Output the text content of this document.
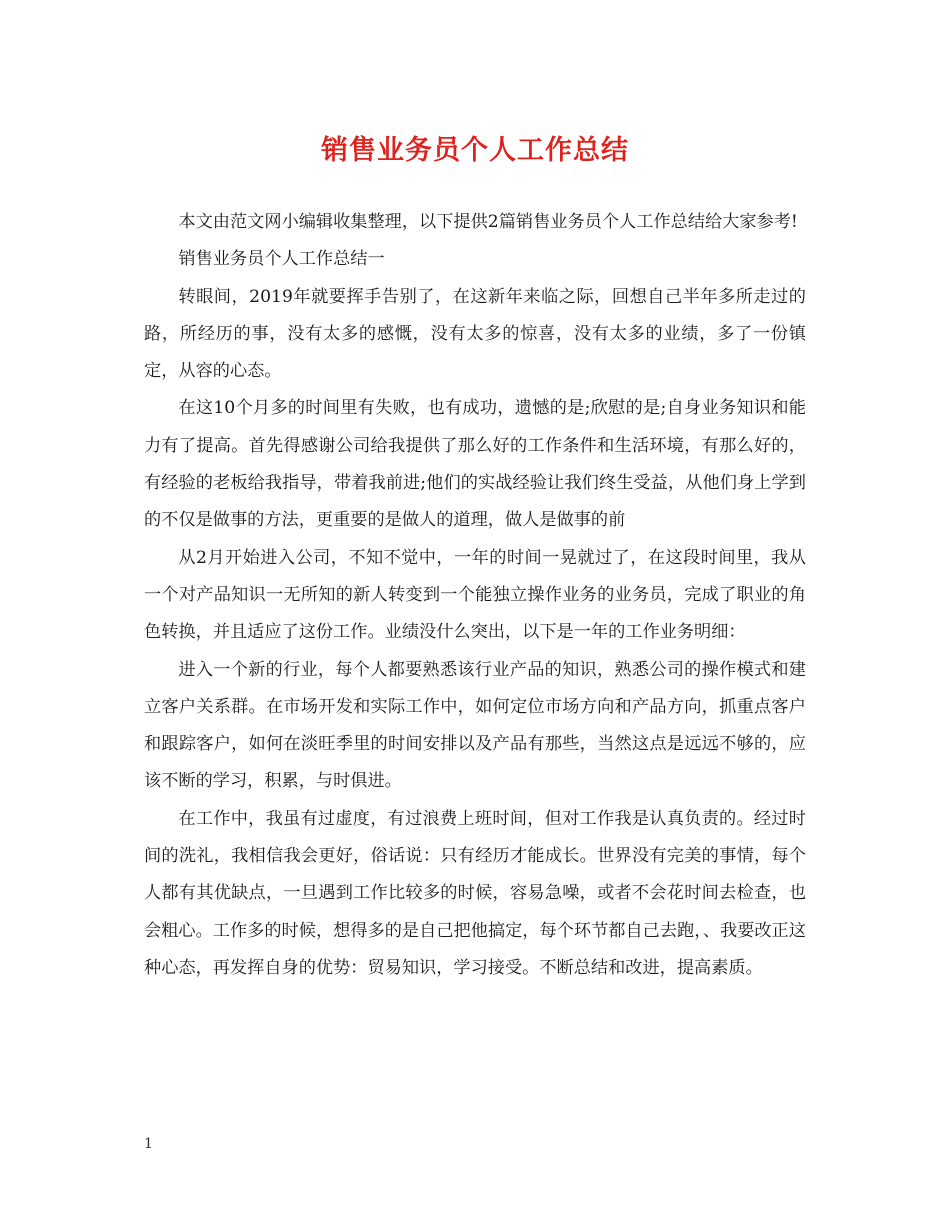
销售业务员个人工作总结

本文由范文网小编辑收集整理，以下提供2篇销售业务员个人工作总结给大家参考!

销售业务员个人工作总结一

转眼间，2019年就要挥手告别了，在这新年来临之际，回想自己半年多所走过的路，所经历的事，没有太多的感慨，没有太多的惊喜，没有太多的业绩，多了一份镇定，从容的心态。

在这10个月多的时间里有失败，也有成功，遗憾的是;欣慰的是;自身业务知识和能力有了提高。首先得感谢公司给我提供了那么好的工作条件和生活环境，有那么好的，有经验的老板给我指导，带着我前进;他们的实战经验让我们终生受益，从他们身上学到的不仅是做事的方法，更重要的是做人的道理，做人是做事的前

从2月开始进入公司，不知不觉中，一年的时间一晃就过了，在这段时间里，我从一个对产品知识一无所知的新人转变到一个能独立操作业务的业务员，完成了职业的角色转换，并且适应了这份工作。业绩没什么突出，以下是一年的工作业务明细：

进入一个新的行业，每个人都要熟悉该行业产品的知识，熟悉公司的操作模式和建立客户关系群。在市场开发和实际工作中，如何定位市场方向和产品方向，抓重点客户和跟踪客户，如何在淡旺季里的时间安排以及产品有那些，当然这点是远远不够的，应该不断的学习，积累，与时俱进。

在工作中，我虽有过虚度，有过浪费上班时间，但对工作我是认真负责的。经过时间的洗礼，我相信我会更好，俗话说：只有经历才能成长。世界没有完美的事情，每个人都有其优缺点，一旦遇到工作比较多的时候，容易急噪，或者不会花时间去检查，也会粗心。工作多的时候，想得多的是自己把他搞定，每个环节都自己去跑，、我要改正这种心态，再发挥自身的优势：贸易知识，学习接受。不断总结和改进，提高素质。

1
